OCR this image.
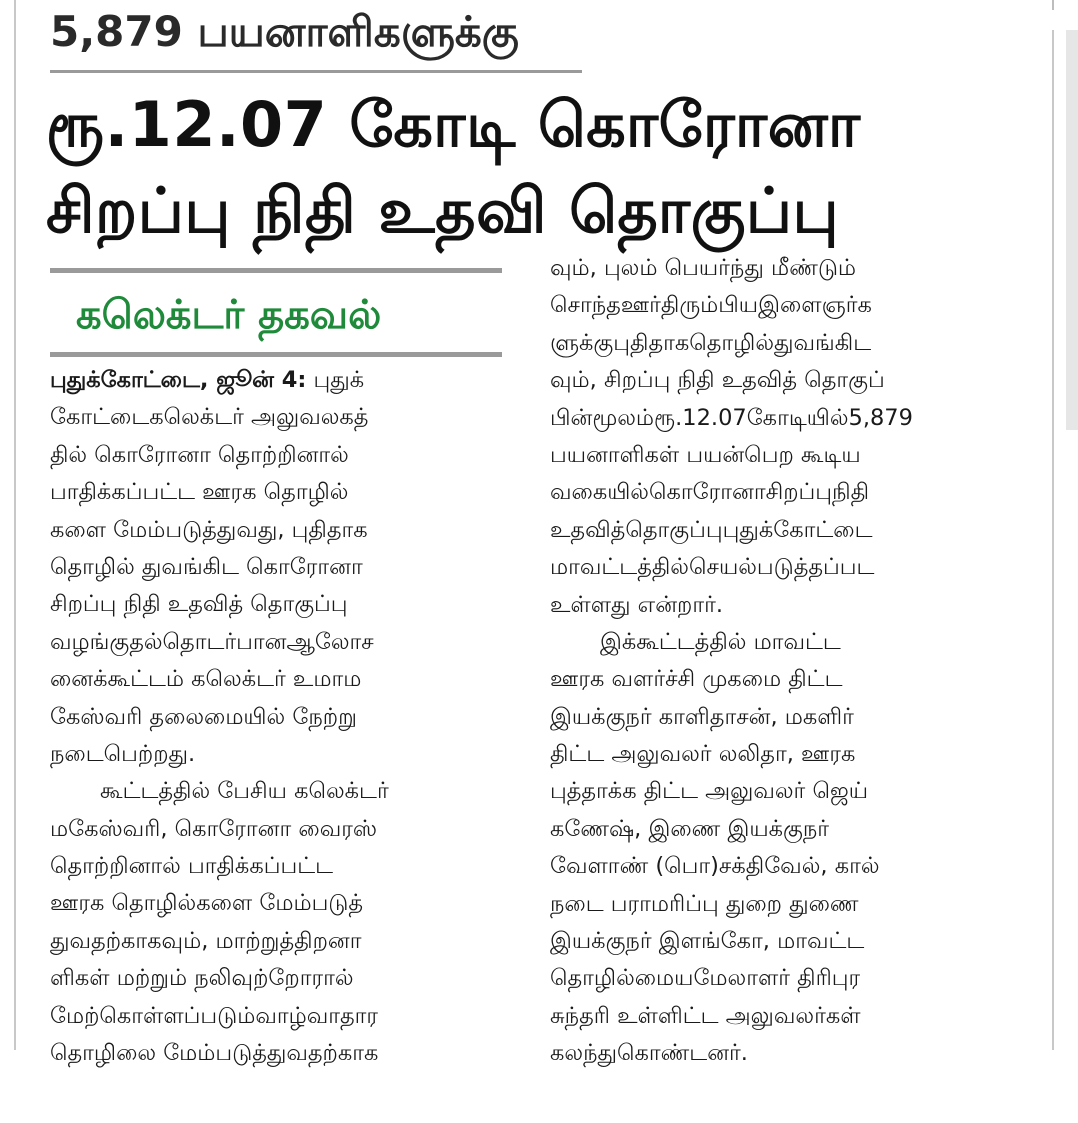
5,879 பயனாளிகளுக்கு
ரூ.12.07 கோடி கொரோனா
சிறப்பு நிதி உதவி தொகுப்பு
கலெக்டர் தகவல்
புதுக்கோட்டை, ஜூன் 4: புதுக்
கோட்டைகலெக்டர் அலுவலகத்
தில் கொரோனா தொற்றினால்
பாதிக்கப்பட்ட ஊரக தொழில்
களை மேம்படுத்துவது, புதிதாக
தொழில் துவங்கிட கொரோனா
சிறப்பு நிதி உதவித் தொகுப்பு
வழங்குதல்தொடர்பானஆலோச
னைக்கூட்டம் கலெக்டர் உமாம
கேஸ்வரி தலைமையில் நேற்று
நடைபெற்றது.
கூட்டத்தில் பேசிய கலெக்டர்
மகேஸ்வரி, கொரோனா வைரஸ்
தொற்றினால் பாதிக்கப்பட்ட
ஊரக தொழில்களை மேம்படுத்
துவதற்காகவும், மாற்றுத்திறனா
ளிகள் மற்றும் நலிவுற்றோரால்
மேற்கொள்ளப்படும்வாழ்வாதார
தொழிலை மேம்படுத்துவதற்காக
வும், புலம் பெயர்ந்து மீண்டும்
சொந்தஊர்திரும்பியஇளைஞர்க
ளுக்குபுதிதாகதொழில்துவங்கிட
வும், சிறப்பு நிதி உதவித் தொகுப்
பின்மூலம்ரூ.12.07கோடியில்5,879
பயனாளிகள் பயன்பெற கூடிய
வகையில்கொரோனாசிறப்புநிதி
உதவித்தொகுப்புபுதுக்கோட்டை
மாவட்டத்தில்செயல்படுத்தப்பட
உள்ளது என்றார்.
இக்கூட்டத்தில் மாவட்ட
ஊரக வளர்ச்சி முகமை திட்ட
இயக்குநர் காளிதாசன், மகளிர்
திட்ட அலுவலர் லலிதா, ஊரக
புத்தாக்க திட்ட அலுவலர் ஜெய்
கணேஷ், இணை இயக்குநர்
வேளாண் (பொ)சக்திவேல், கால்
நடை பராமரிப்பு துறை துணை
இயக்குநர் இளங்கோ, மாவட்ட
தொழில்மையமேலாளர் திரிபுர
சுந்தரி உள்ளிட்ட அலுவலர்கள்
கலந்துகொண்டனர்.
